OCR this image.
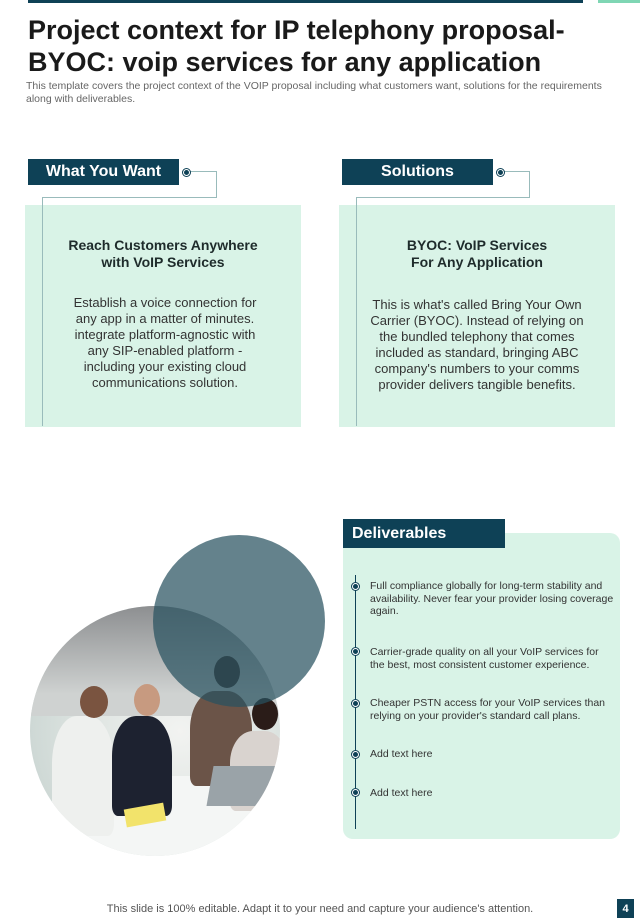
Project context for IP telephony proposal-BYOC: voip services for any application
This template covers the project context of the VOIP proposal including what customers want, solutions for the requirements along with deliverables.
Reach Customers Anywhere
with VoIP Services
Establish a voice connection for any app in a matter of minutes. integrate platform-agnostic with any SIP-enabled platform - including your existing cloud communications solution.
What You Want
BYOC: VoIP Services
For Any Application
This is what's called Bring Your Own Carrier (BYOC). Instead of relying on the bundled telephony that comes included as standard, bringing ABC company's numbers to your comms provider delivers tangible benefits.
Solutions
Deliverables
Full compliance globally for long-term stability and availability. Never fear your provider losing coverage again.
Carrier-grade quality on all your VoIP services for the best, most consistent customer experience.
Cheaper PSTN access for your VoIP services than relying on your provider's standard call plans.
Add text here
Add text here
This slide is 100% editable. Adapt it to your need and capture your audience's attention.	4
